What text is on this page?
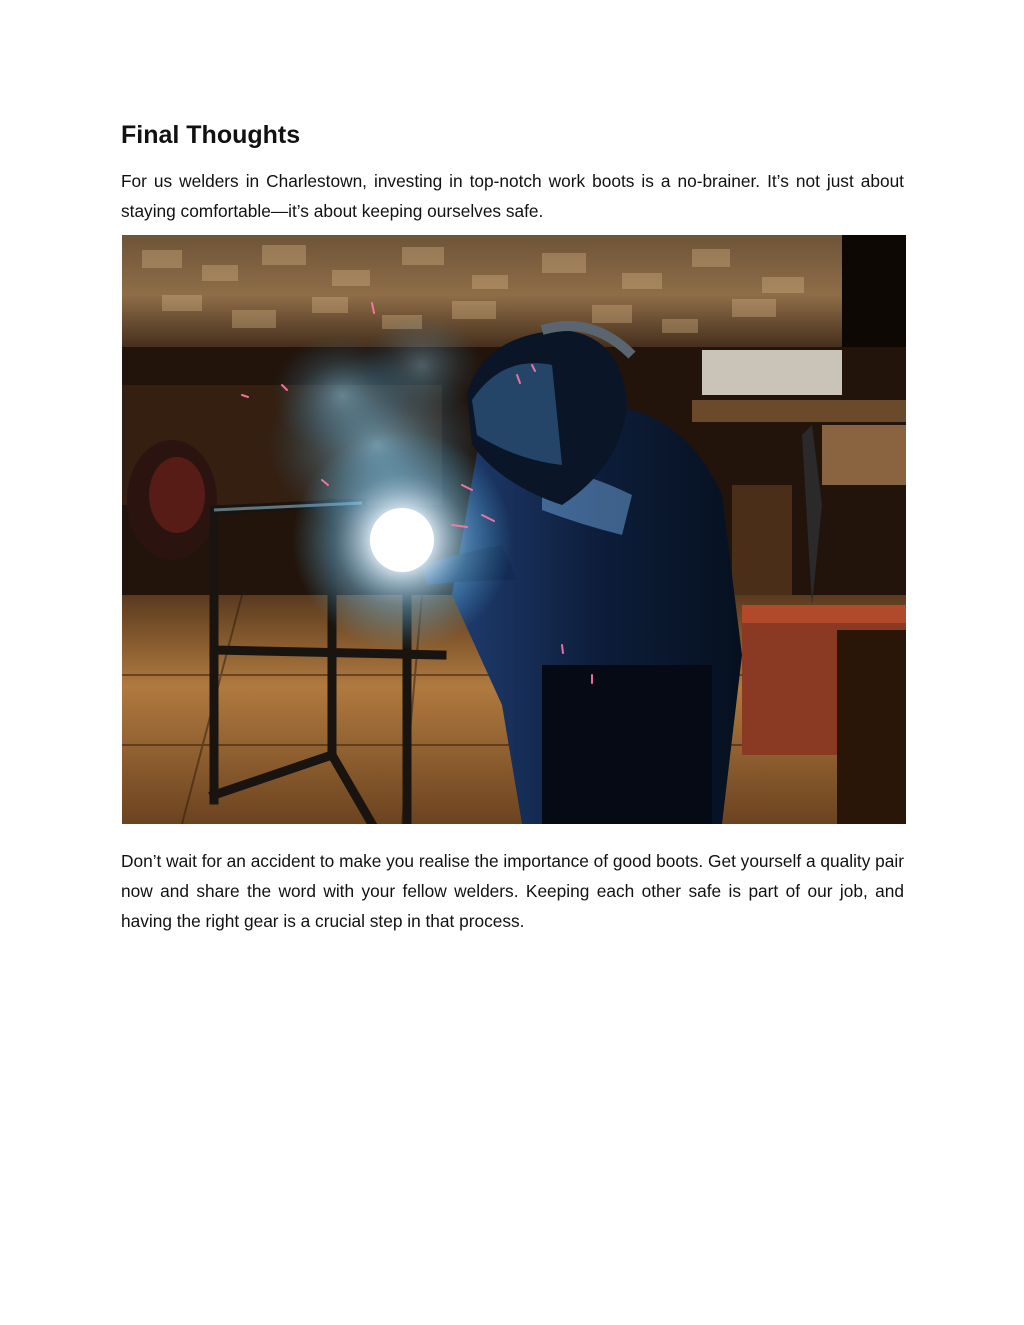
Final Thoughts

For us welders in Charlestown, investing in top-notch work boots is a no-brainer. It’s not just about staying comfortable—it’s about keeping ourselves safe.

Don’t wait for an accident to make you realise the importance of good boots. Get yourself a quality pair now and share the word with your fellow welders. Keeping each other safe is part of our job, and having the right gear is a crucial step in that process.
